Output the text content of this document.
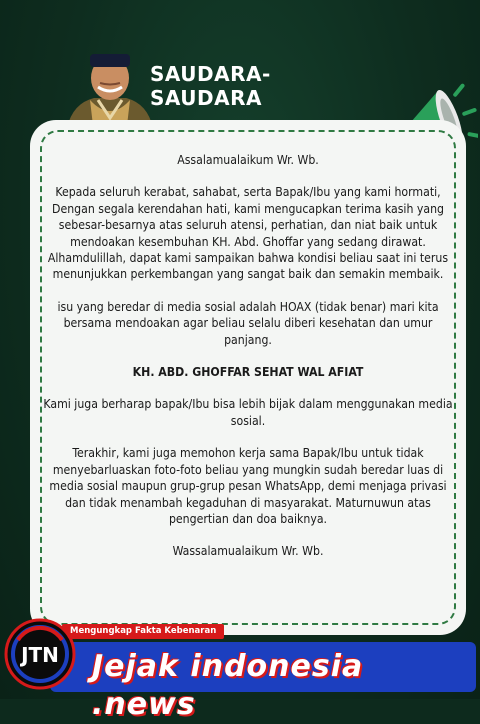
SAUDARA-SAUDARA

Assalamualaikum Wr. Wb.

Kepada seluruh kerabat, sahabat, serta Bapak/Ibu yang kami hormati, Dengan segala kerendahan hati, kami mengucapkan terima kasih yang sebesar-besarnya atas seluruh atensi, perhatian, dan niat baik untuk mendoakan kesembuhan KH. Abd. Ghoffar yang sedang dirawat. Alhamdulillah, dapat kami sampaikan bahwa kondisi beliau saat ini terus menunjukkan perkembangan yang sangat baik dan semakin membaik.

isu yang beredar di media sosial adalah HOAX (tidak benar) mari kita bersama mendoakan agar beliau selalu diberi kesehatan dan umur panjang.

KH. ABD. GHOFFAR SEHAT WAL AFIAT

Kami juga berharap bapak/Ibu bisa lebih bijak dalam menggunakan media sosial.

Terakhir, kami juga memohon kerja sama Bapak/Ibu untuk tidak menyebarluaskan foto-foto beliau yang mungkin sudah beredar luas di media sosial maupun grup-grup pesan WhatsApp, demi menjaga privasi dan tidak menambah kegaduhan di masyarakat. Maturnuwun atas pengertian dan doa baiknya.

Wassalamualaikum Wr. Wb.

Mengungkap Fakta Kebenaran
Jejak indonesia .news
JTN
